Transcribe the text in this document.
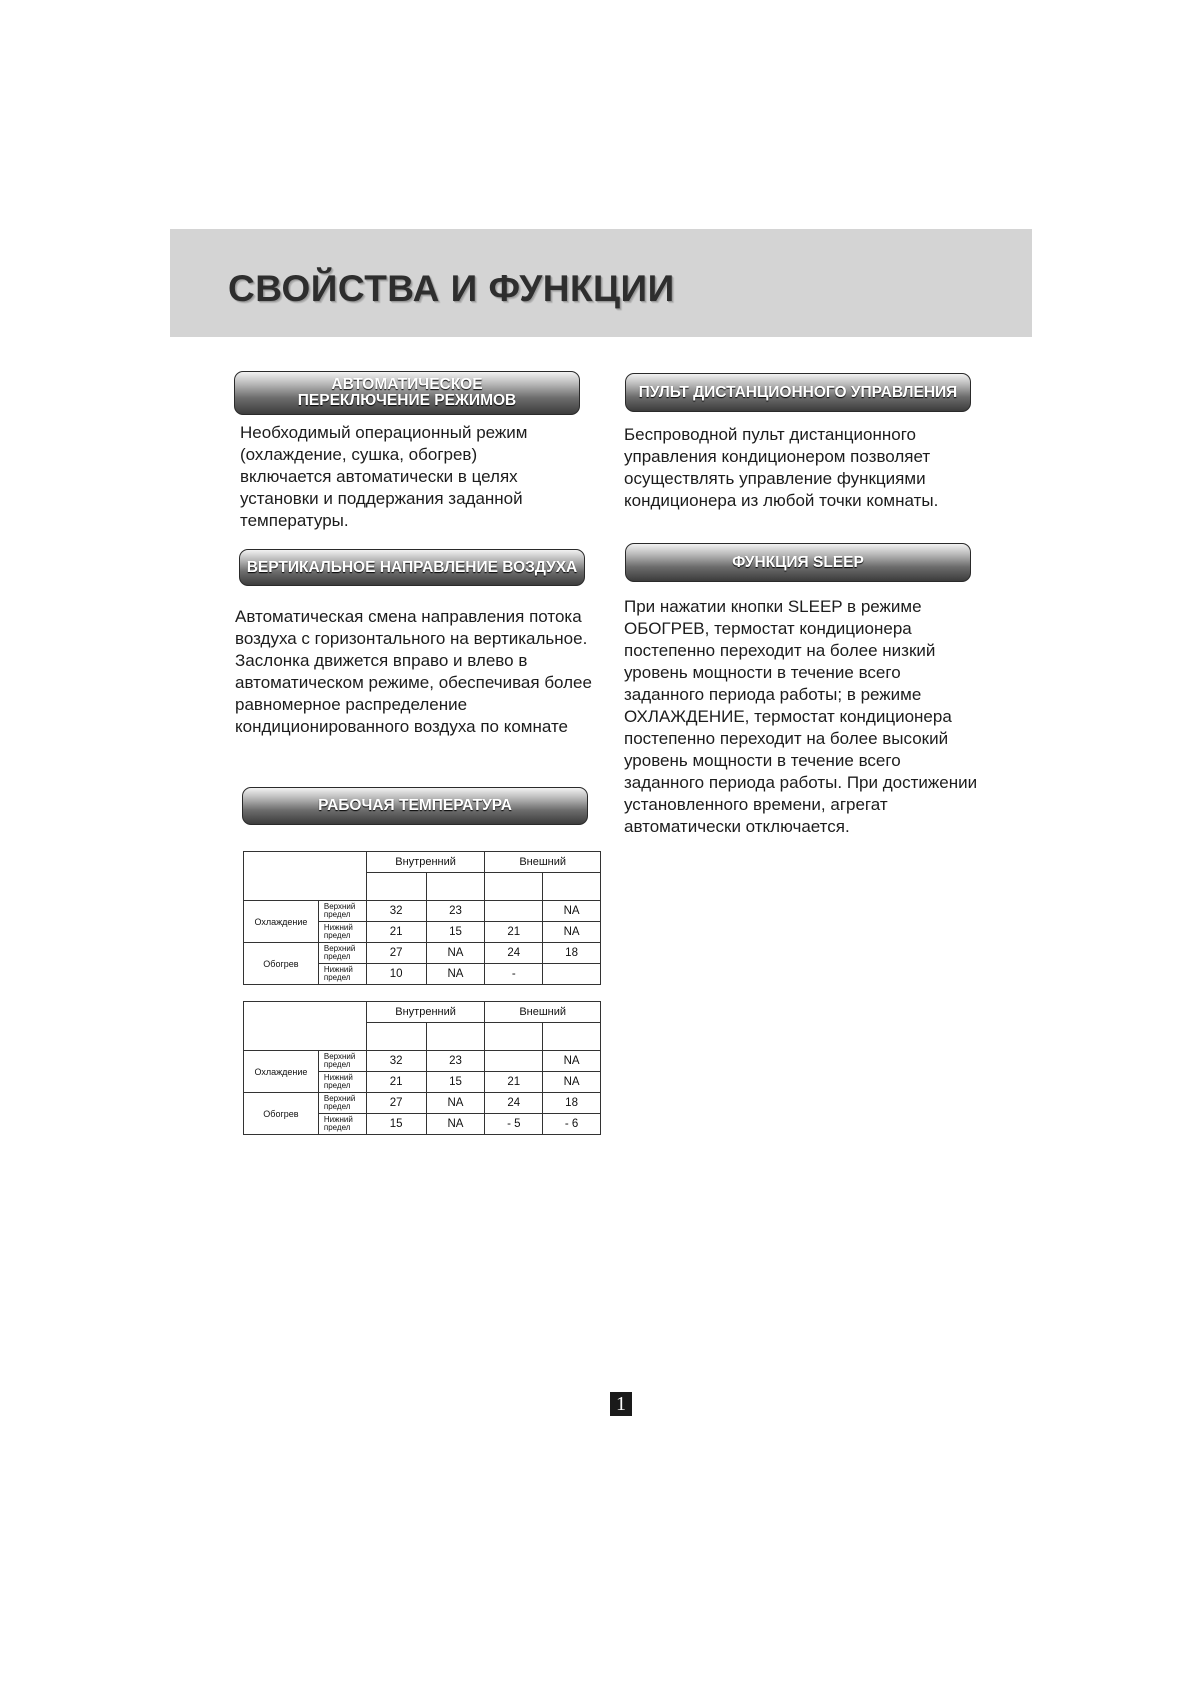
СВОЙСТВА И ФУНКЦИИ
АВТОМАТИЧЕСКОЕ
ПЕРЕКЛЮЧЕНИЕ РЕЖИМОВ

Необходимый операционный режим (охлаждение, сушка, обогрев) включается автоматически в целях установки и поддержания заданной температуры.

ВЕРТИКАЛЬНОЕ НАПРАВЛЕНИЕ ВОЗДУХА

Автоматическая смена направления потока воздуха с горизонтального на вертикальное. Заслонка движется вправо и влево в автоматическом режиме, обеспечивая более равномерное распределение кондиционированного воздуха по комнате

РАБОЧАЯ ТЕМПЕРАТУРА
		Внутренний		Внешний	

Охлаждение	Верхний предел	32	23		NA
	Нижний предел	21	15	21	NA
Обогрев	Верхний предел	27	NA	24	18
	Нижний предел	10	NA	-	
		Внутренний		Внешний	

Охлаждение	Верхний предел	32	23		NA
	Нижний предел	21	15	21	NA
Обогрев	Верхний предел	27	NA	24	18
	Нижний предел	15	NA	- 5	- 6
ПУЛЬТ ДИСТАНЦИОННОГО УПРАВЛЕНИЯ

Беспроводной пульт дистанционного управления кондиционером позволяет осуществлять управление функциями кондиционера из любой точки комнаты.

ФУНКЦИЯ SLEEP

При нажатии кнопки SLEEP в режиме ОБОГРЕВ, термостат кондиционера постепенно переходит на более низкий уровень мощности в течение всего заданного периода работы; в режиме ОХЛАЖДЕНИЕ, термостат кондиционера постепенно переходит на более высокий уровень мощности в течение всего заданного периода работы. При достижении установленного времени, агрегат автоматически отключается.

1
